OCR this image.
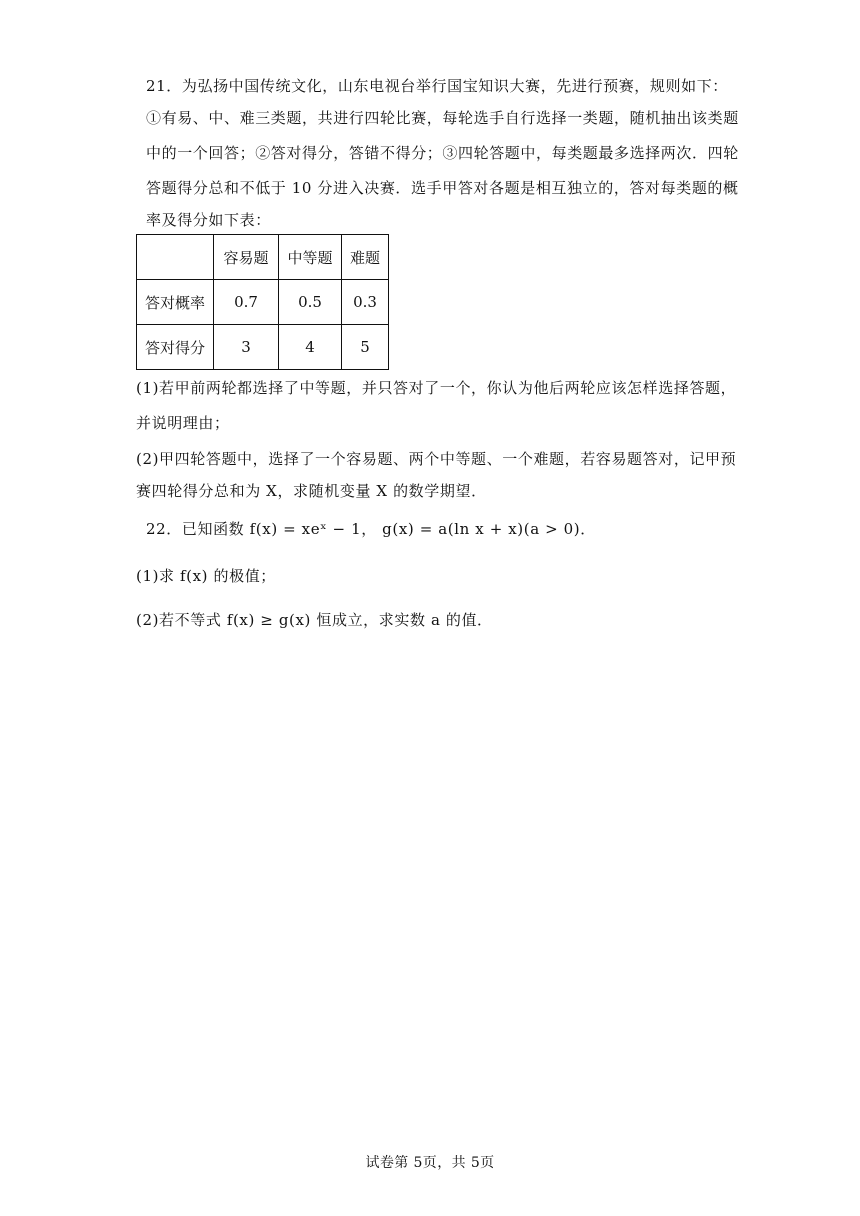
21．为弘扬中国传统文化，山东电视台举行国宝知识大赛，先进行预赛，规则如下：
①有易、中、难三类题，共进行四轮比赛，每轮选手自行选择一类题，随机抽出该类题
中的一个回答；②答对得分，答错不得分；③四轮答题中，每类题最多选择两次．四轮
答题得分总和不低于 10 分进入决赛．选手甲答对各题是相互独立的，答对每类题的概
率及得分如下表：
	容易题	中等题	难题
答对概率	0.7	0.5	0.3
答对得分	3	4	5
(1)若甲前两轮都选择了中等题，并只答对了一个，你认为他后两轮应该怎样选择答题，
并说明理由；
(2)甲四轮答题中，选择了一个容易题、两个中等题、一个难题，若容易题答对，记甲预
赛四轮得分总和为 X，求随机变量 X 的数学期望．
22．已知函数 f(x) = xeˣ − 1， g(x) = a(ln x + x)(a > 0)．
(1)求 f(x) 的极值；
(2)若不等式 f(x) ≥ g(x) 恒成立，求实数 a 的值．
试卷第 5页，共 5页
